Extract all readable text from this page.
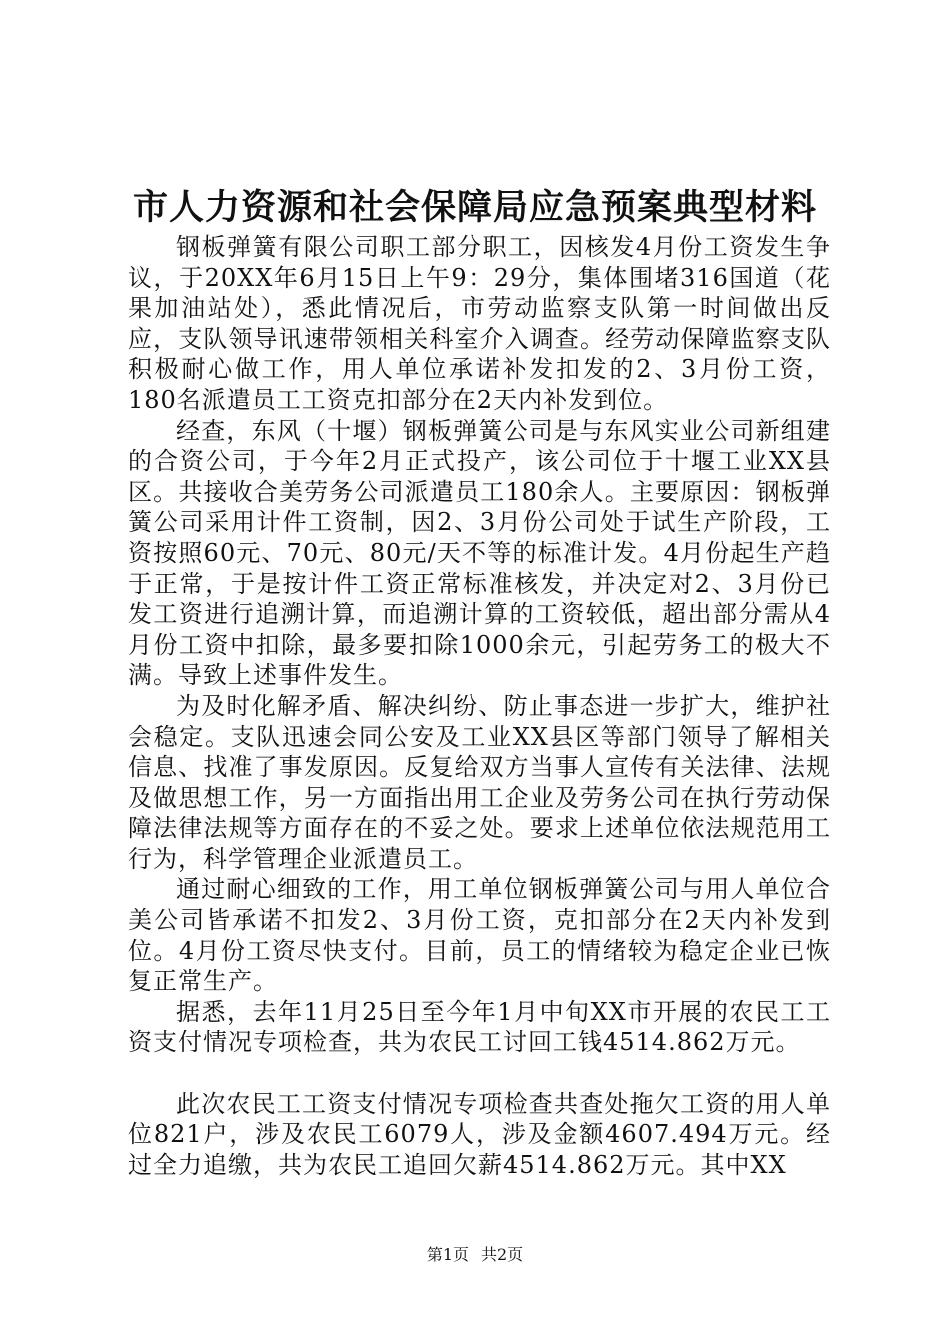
市人力资源和社会保障局应急预案典型材料

钢板弹簧有限公司职工部分职工，因核发4月份工资发生争议，于20XX年6月15日上午9：29分，集体围堵316国道（花果加油站处），悉此情况后，市劳动监察支队第一时间做出反应，支队领导讯速带领相关科室介入调查。经劳动保障监察支队积极耐心做工作，用人单位承诺补发扣发的2、3月份工资，180名派遣员工工资克扣部分在2天内补发到位。

经查，东风（十堰）钢板弹簧公司是与东风实业公司新组建的合资公司，于今年2月正式投产，该公司位于十堰工业XX县区。共接收合美劳务公司派遣员工180余人。主要原因：钢板弹簧公司采用计件工资制，因2、3月份公司处于试生产阶段，工资按照60元、70元、80元/天不等的标准计发。4月份起生产趋于正常，于是按计件工资正常标准核发，并决定对2、3月份已发工资进行追溯计算，而追溯计算的工资较低，超出部分需从4月份工资中扣除，最多要扣除1000余元，引起劳务工的极大不满。导致上述事件发生。

为及时化解矛盾、解决纠纷、防止事态进一步扩大，维护社会稳定。支队迅速会同公安及工业XX县区等部门领导了解相关信息、找准了事发原因。反复给双方当事人宣传有关法律、法规及做思想工作，另一方面指出用工企业及劳务公司在执行劳动保障法律法规等方面存在的不妥之处。要求上述单位依法规范用工行为，科学管理企业派遣员工。

通过耐心细致的工作，用工单位钢板弹簧公司与用人单位合美公司皆承诺不扣发2、3月份工资，克扣部分在2天内补发到位。4月份工资尽快支付。目前，员工的情绪较为稳定企业已恢复正常生产。

据悉，去年11月25日至今年1月中旬XX市开展的农民工工资支付情况专项检查，共为农民工讨回工钱4514.862万元。

此次农民工工资支付情况专项检查共查处拖欠工资的用人单位821户，涉及农民工6079人，涉及金额4607.494万元。经过全力追缴，共为农民工追回欠薪4514.862万元。其中XX

第1页 共2页
